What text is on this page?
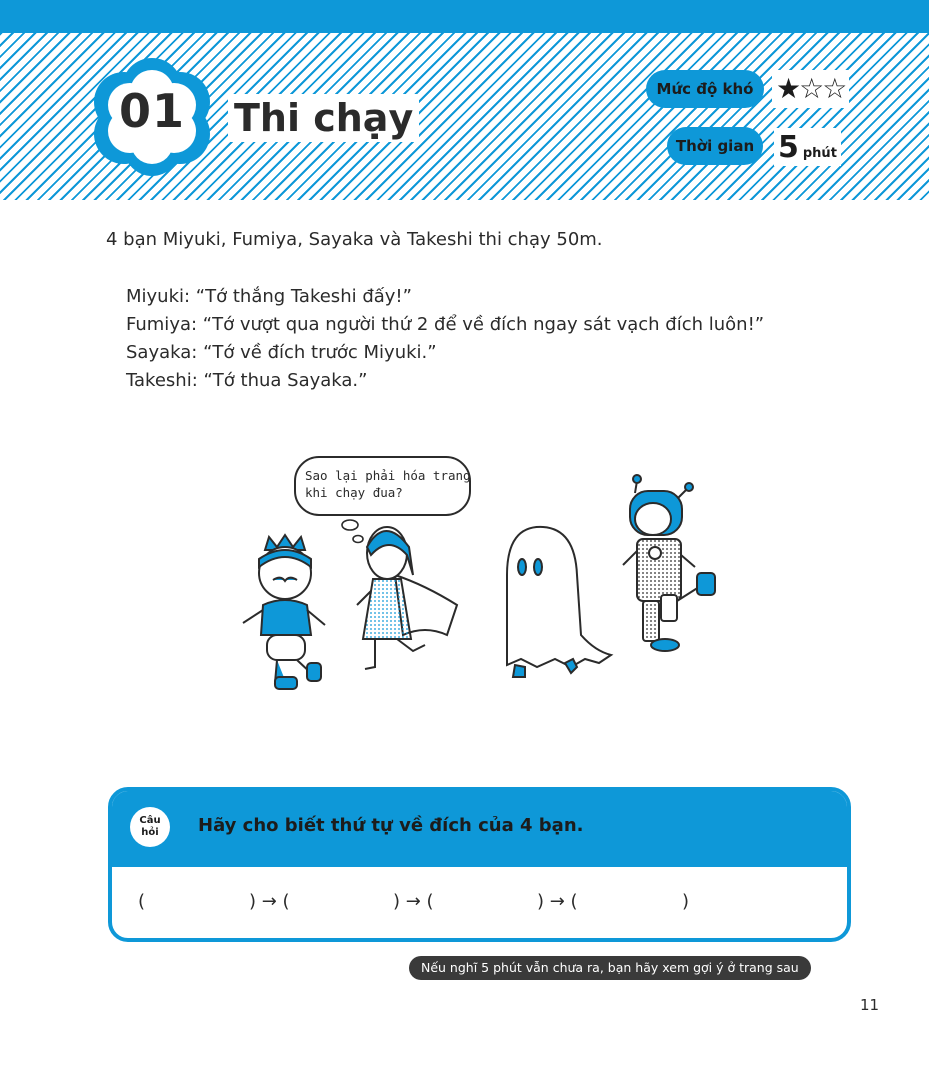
01	Thi chạy
Mức độ khó ★☆☆
Thời gian 5 phút
4 bạn Miyuki, Fumiya, Sayaka và Takeshi thi chạy 50m.
Miyuki: “Tớ thắng Takeshi đấy!”
Fumiya: “Tớ vượt qua người thứ 2 để về đích ngay sát vạch đích luôn!”
Sayaka: “Tớ về đích trước Miyuki.”
Takeshi: “Tớ thua Sayaka.”
Sao lại phải hóa trang
khi chạy đua?
Câu
hỏi	Hãy cho biết thứ tự về đích của 4 bạn.
(	) → (	) → (	) → (	)
Nếu nghĩ 5 phút vẫn chưa ra, bạn hãy xem gợi ý ở trang sau
11
